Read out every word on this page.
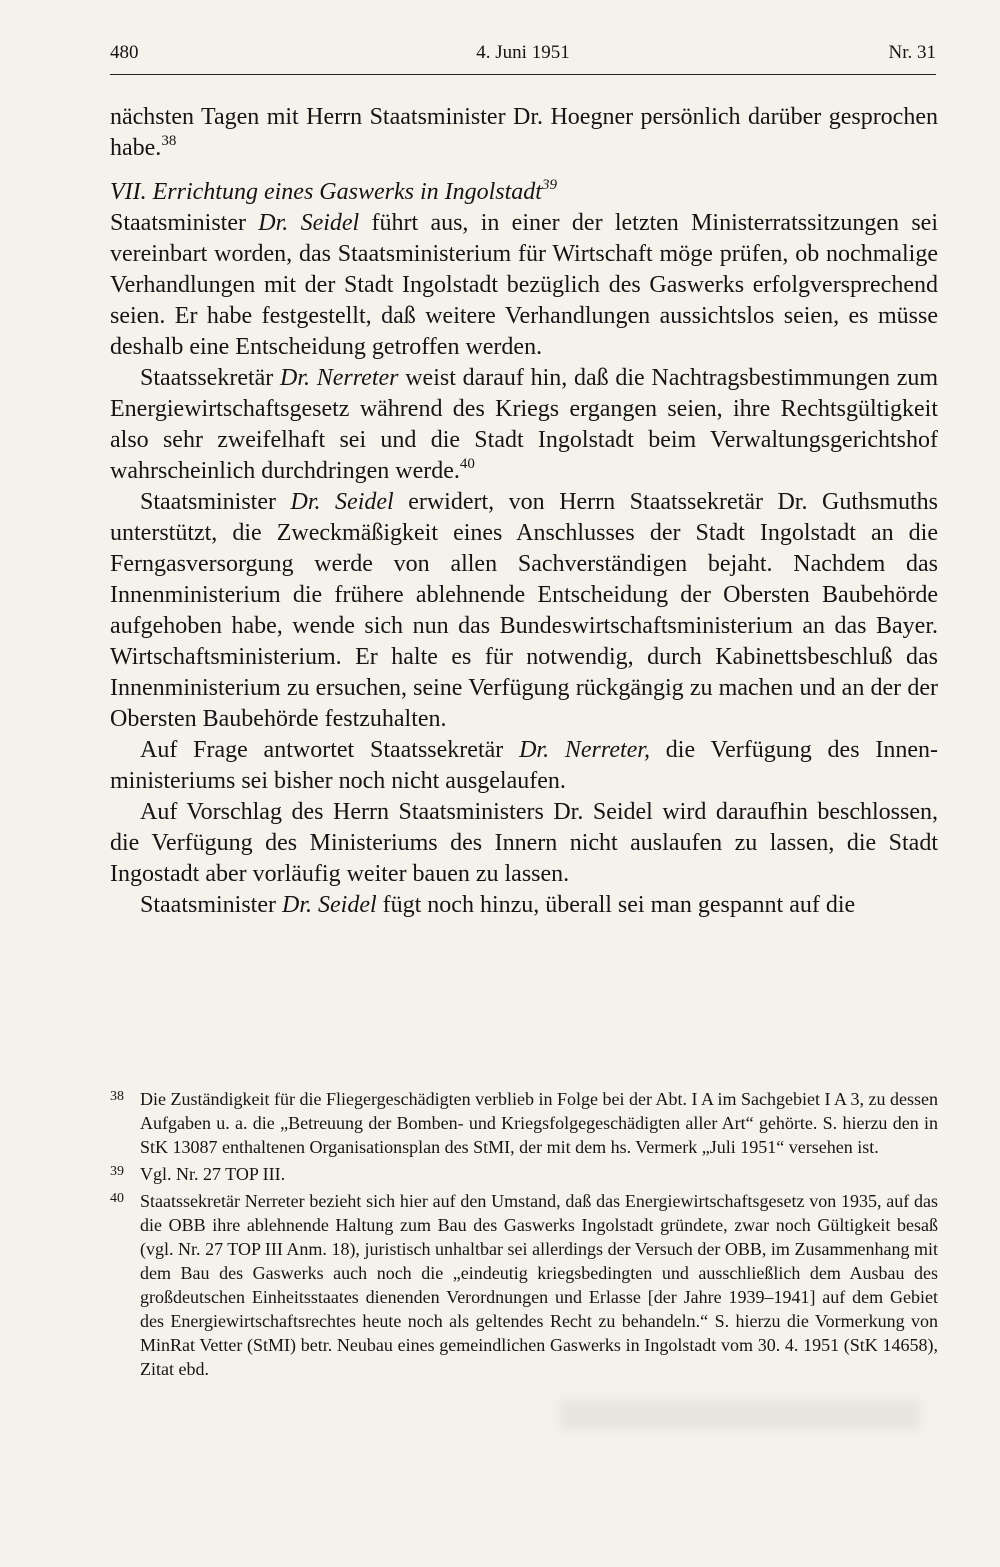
480	4. Juni 1951	Nr. 31

nächsten Tagen mit Herrn Staatsminister Dr. Hoegner persönlich darüber gesprochen habe.$^{38}$

VII. Errichtung eines Gaswerks in Ingolstadt$^{39}$

Staatsminister Dr. Seidel führt aus, in einer der letzten Ministerratssitzungen sei vereinbart worden, das Staatsministerium für Wirtschaft möge prüfen, ob nochmalige Verhandlungen mit der Stadt Ingolstadt bezüglich des Gaswerks erfolgversprechend seien. Er habe festgestellt, daß weitere Verhandlungen aussichtslos seien, es müsse deshalb eine Entscheidung getroffen werden.

Staatssekretär Dr. Nerreter weist darauf hin, daß die Nachtragsbestimmungen zum Energiewirtschaftsgesetz während des Kriegs ergangen seien, ihre Rechtsgültigkeit also sehr zweifelhaft sei und die Stadt Ingolstadt beim Verwaltungsgerichtshof wahrscheinlich durchdringen werde.$^{40}$

Staatsminister Dr. Seidel erwidert, von Herrn Staatssekretär Dr. Guthsmuths unterstützt, die Zweckmäßigkeit eines Anschlusses der Stadt Ingolstadt an die Ferngasversorgung werde von allen Sachverständigen bejaht. Nachdem das Innenministerium die frühere ablehnende Entscheidung der Obersten Baubehörde aufgehoben habe, wende sich nun das Bundeswirtschaftsministerium an das Bayer. Wirtschaftsministerium. Er halte es für notwendig, durch Kabinettsbeschluß das Innenministerium zu ersuchen, seine Verfügung rückgängig zu machen und an der der Obersten Baubehörde festzuhalten.

Auf Frage antwortet Staatssekretär Dr. Nerreter, die Verfügung des Innenministeriums sei bisher noch nicht ausgelaufen.

Auf Vorschlag des Herrn Staatsministers Dr. Seidel wird daraufhin beschlossen, die Verfügung des Ministeriums des Innern nicht auslaufen zu lassen, die Stadt Ingostadt aber vorläufig weiter bauen zu lassen.

Staatsminister Dr. Seidel fügt noch hinzu, überall sei man gespannt auf die

38 Die Zuständigkeit für die Fliegergeschädigten verblieb in Folge bei der Abt. I A im Sachgebiet I A 3, zu dessen Aufgaben u. a. die „Betreuung der Bomben- und Kriegsfolgegeschädigten aller Art“ gehörte. S. hierzu den in StK 13087 enthaltenen Organisationsplan des StMI, der mit dem hs. Vermerk „Juli 1951“ versehen ist.
39 Vgl. Nr. 27 TOP III.
40 Staatssekretär Nerreter bezieht sich hier auf den Umstand, daß das Energiewirtschaftsgesetz von 1935, auf das die OBB ihre ablehnende Haltung zum Bau des Gaswerks Ingolstadt gründete, zwar noch Gültigkeit besaß (vgl. Nr. 27 TOP III Anm. 18), juristisch unhaltbar sei allerdings der Versuch der OBB, im Zusammenhang mit dem Bau des Gaswerks auch noch die „eindeutig kriegsbedingten und ausschließlich dem Ausbau des großdeutschen Einheitsstaates dienenden Verordnungen und Erlasse [der Jahre 1939–1941] auf dem Gebiet des Energiewirtschaftsrechtes heute noch als geltendes Recht zu behandeln.“ S. hierzu die Vormerkung von MinRat Vetter (StMI) betr. Neubau eines gemeindlichen Gaswerks in Ingolstadt vom 30. 4. 1951 (StK 14658), Zitat ebd.
